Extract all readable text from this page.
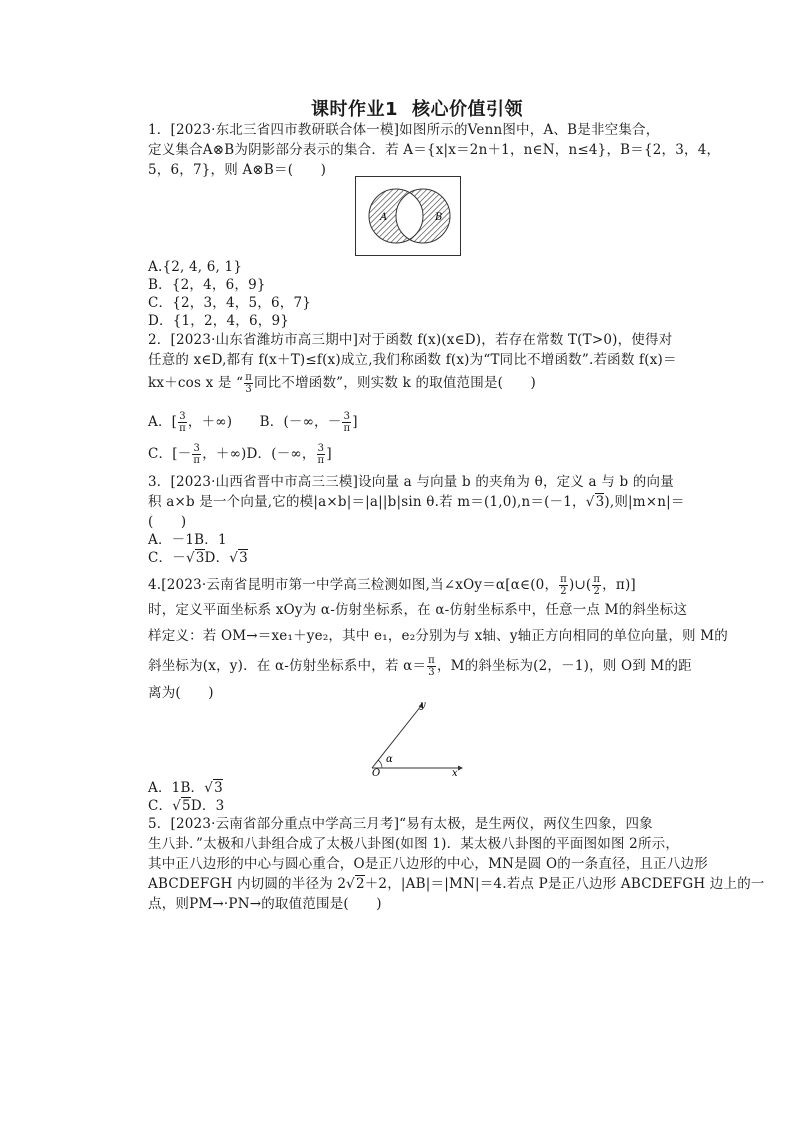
课时作业1 核心价值引领
1．[2023·东北三省四市教研联合体一模]如图所示的Venn图中，A、B是非空集合，
定义集合A⊗B为阴影部分表示的集合．若 A＝{x|x＝2n＋1，n∈N，n≤4}，B＝{2，3，4，
5，6，7}，则 A⊗B＝(　　)
A	B
A.{2, 4, 6, 1}
B．{2，4，6，9}
C．{2，3，4，5，6，7}
D．{1，2，4，6，9}
2．[2023·山东省潍坊市高三期中]对于函数 f(x)(x∈D)，若存在常数 T(T>0)，使得对
任意的 x∈D,都有 f(x＋T)≤f(x)成立,我们称函数 f(x)为“T同比不增函数”.若函数 f(x)＝
kx＋cos x 是 “ $\frac{\pi}{3}$ 同比不增函数”，则实数 k 的取值范围是(　　)
A．[ $\frac{3}{\pi}$ ，＋∞)　　B．(－∞，－ $\frac{3}{\pi}$ ]
C．[－ $\frac{3}{\pi}$ ，＋∞)D．(－∞， $\frac{3}{\pi}$ ]
3．[2023·山西省晋中市高三三模]设向量 a 与向量 b 的夹角为 θ，定义 a 与 b 的向量
积 a×b 是一个向量,它的模|a×b|＝|a||b|sin θ.若 m＝(1,0),n＝(－1，√3),则|m×n|＝
(　　)
A．－1B．1
C．－√3D．√3
4.[2023·云南省昆明市第一中学高三检测如图,当∠xOy＝α[α∈(0， $\frac{\pi}{2}$ )∪( $\frac{\pi}{2}$ ，π)]
时，定义平面坐标系 xOy为 α-仿射坐标系，在 α-仿射坐标系中，任意一点 M的斜坐标这
样定义：若 OM→＝xe₁＋ye₂，其中 e₁，e₂分别为与 x轴、y轴正方向相同的单位向量，则 M的
斜坐标为(x，y)．在 α-仿射坐标系中，若 $\alpha= \frac{\pi}{3}$ ，M的斜坐标为(2，－1)，则 O到 M的距
离为(　　)
y
x
α
O
A．1B．√3
C．√5D．3
5．[2023·云南省部分重点中学高三月考]“易有太极，是生两仪，两仪生四象，四象
生八卦．”太极和八卦组合成了太极八卦图(如图 1)．某太极八卦图的平面图如图 2所示，
其中正八边形的中心与圆心重合，O是正八边形的中心，MN是圆 O的一条直径，且正八边形
ABCDEFGH 内切圆的半径为 2√2＋2，|AB|＝|MN|＝4.若点 P是正八边形 ABCDEFGH 边上的一
点，则PM→·PN→的取值范围是(　　)
